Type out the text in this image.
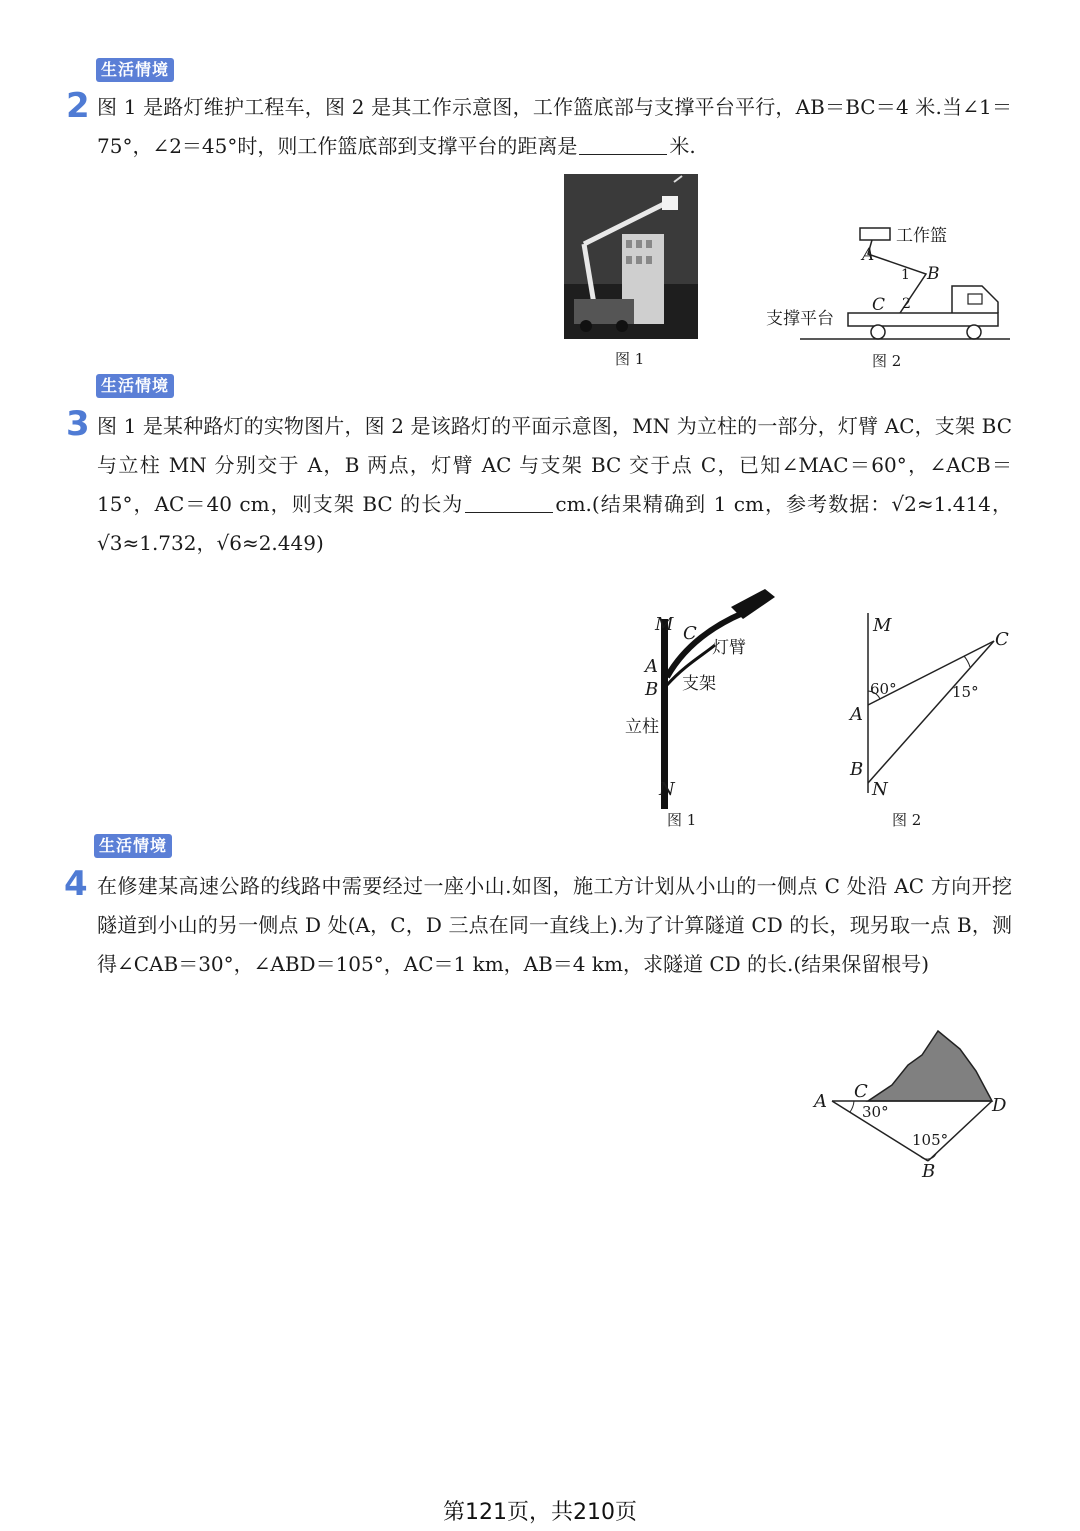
生活情境
2 图 1 是路灯维护工程车，图 2 是其工作示意图，工作篮底部与支撑平台平行，AB＝BC＝4 米.当∠1＝75°，∠2＝45°时，则工作篮底部到支撑平台的距离是	米.
图 1
工作篮
A
B
1
C 2
支撑平台
图 2
生活情境
3 图 1 是某种路灯的实物图片，图 2 是该路灯的平面示意图，MN 为立柱的一部分，灯臂 AC，支架 BC 与立柱 MN 分别交于 A，B 两点，灯臂 AC 与支架 BC 交于点 C，已知∠MAC＝60°，∠ACB＝15°，AC＝40 cm，则支架 BC 的长为	cm.(结果精确到 1 cm，参考数据：√2≈1.414，√3≈1.732，√6≈2.449)
M C
灯臂
A
B 支架
立柱
N
图 1
M
C
60°	15°
A
B
N
图 2
生活情境
4 在修建某高速公路的线路中需要经过一座小山.如图，施工方计划从小山的一侧点 C 处沿 AC 方向开挖隧道到小山的另一侧点 D 处(A，C，D 三点在同一直线上).为了计算隧道 CD 的长，现另取一点 B，测得∠CAB＝30°，∠ABD＝105°，AC＝1 km，AB＝4 km，求隧道 CD 的长.(结果保留根号)
A C
D
B
30°
105°
第121页，共210页
